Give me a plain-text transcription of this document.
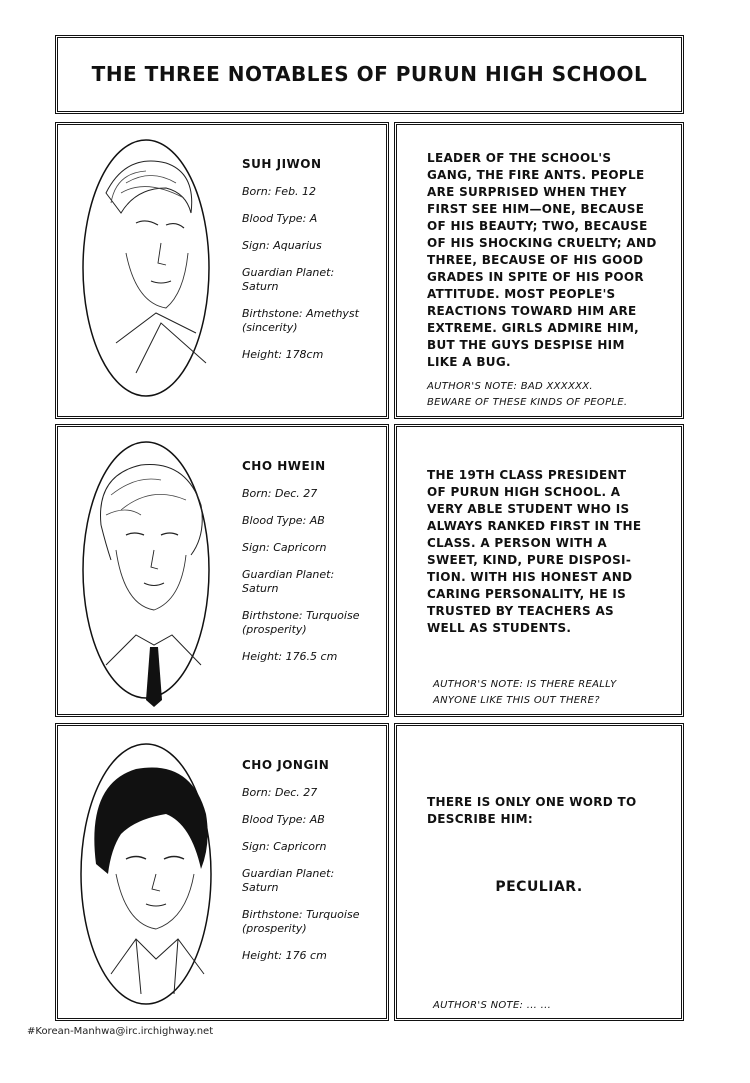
THE THREE NOTABLES OF PURUN HIGH SCHOOL
SUH JIWON
Born: Feb. 12
Blood Type: A
Sign: Aquarius
Guardian Planet:
Saturn
Birthstone: Amethyst
(sincerity)
Height: 178cm
LEADER OF THE SCHOOL'S
GANG, THE FIRE ANTS. PEOPLE
ARE SURPRISED WHEN THEY
FIRST SEE HIM—ONE, BECAUSE
OF HIS BEAUTY; TWO, BECAUSE
OF HIS SHOCKING CRUELTY; AND
THREE, BECAUSE OF HIS GOOD
GRADES IN SPITE OF HIS POOR
ATTITUDE. MOST PEOPLE'S
REACTIONS TOWARD HIM ARE
EXTREME. GIRLS ADMIRE HIM,
BUT THE GUYS DESPISE HIM
LIKE A BUG.
AUTHOR'S NOTE: BAD XXXXXX.
BEWARE OF THESE KINDS OF PEOPLE.
CHO HWEIN
Born: Dec. 27
Blood Type: AB
Sign: Capricorn
Guardian Planet:
Saturn
Birthstone: Turquoise
(prosperity)
Height: 176.5 cm
THE 19TH CLASS PRESIDENT
OF PURUN HIGH SCHOOL. A
VERY ABLE STUDENT WHO IS
ALWAYS RANKED FIRST IN THE
CLASS. A PERSON WITH A
SWEET, KIND, PURE DISPOSI-
TION. WITH HIS HONEST AND
CARING PERSONALITY, HE IS
TRUSTED BY TEACHERS AS
WELL AS STUDENTS.
AUTHOR'S NOTE: IS THERE REALLY
ANYONE LIKE THIS OUT THERE?
CHO JONGIN
Born: Dec. 27
Blood Type: AB
Sign: Capricorn
Guardian Planet:
Saturn
Birthstone: Turquoise
(prosperity)
Height: 176 cm
THERE IS ONLY ONE WORD TO
DESCRIBE HIM:
PECULIAR.
AUTHOR'S NOTE: ... ...
#Korean-Manhwa@irc.irchighway.net
